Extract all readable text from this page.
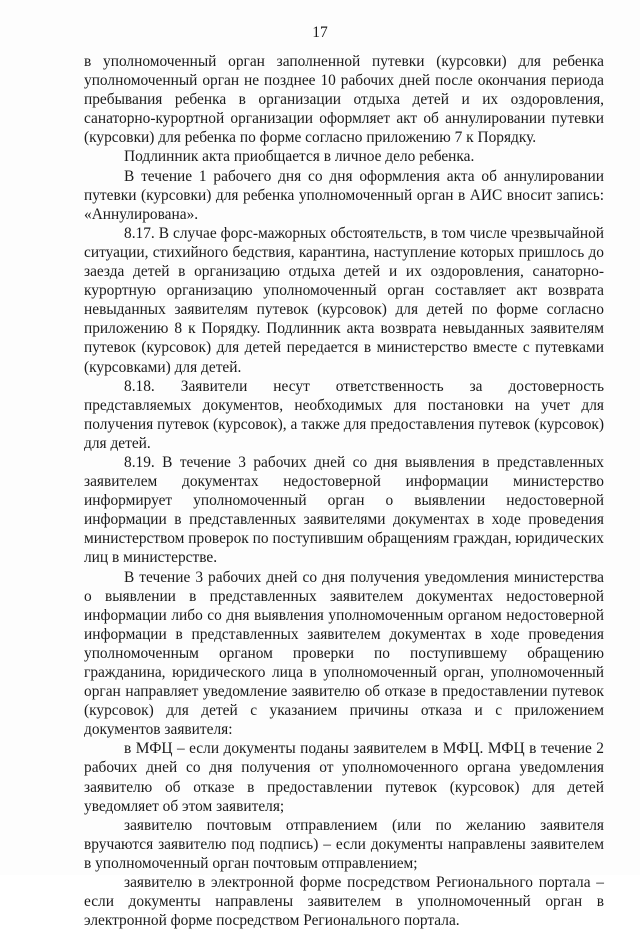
17

в уполномоченный орган заполненной путевки (курсовки) для ребенка уполномоченный орган не позднее 10 рабочих дней после окончания периода пребывания ребенка в организации отдыха детей и их оздоровления, санаторно-курортной организации оформляет акт об аннулировании путевки (курсовки) для ребенка по форме согласно приложению 7 к Порядку.

Подлинник акта приобщается в личное дело ребенка.

В течение 1 рабочего дня со дня оформления акта об аннулировании путевки (курсовки) для ребенка уполномоченный орган в АИС вносит запись: «Аннулирована».

8.17. В случае форс-мажорных обстоятельств, в том числе чрезвычайной ситуации, стихийного бедствия, карантина, наступление которых пришлось до заезда детей в организацию отдыха детей и их оздоровления, санаторно-курортную организацию уполномоченный орган составляет акт возврата невыданных заявителям путевок (курсовок) для детей по форме согласно приложению 8 к Порядку. Подлинник акта возврата невыданных заявителям путевок (курсовок) для детей передается в министерство вместе с путевками (курсовками) для детей.

8.18. Заявители несут ответственность за достоверность представляемых документов, необходимых для постановки на учет для получения путевок (курсовок), а также для предоставления путевок (курсовок) для детей.

8.19. В течение 3 рабочих дней со дня выявления в представленных заявителем документах недостоверной информации министерство информирует уполномоченный орган о выявлении недостоверной информации в представленных заявителями документах в ходе проведения министерством проверок по поступившим обращениям граждан, юридических лиц в министерстве.

В течение 3 рабочих дней со дня получения уведомления министерства о выявлении в представленных заявителем документах недостоверной информации либо со дня выявления уполномоченным органом недостоверной информации в представленных заявителем документах в ходе проведения уполномоченным органом проверки по поступившему обращению гражданина, юридического лица в уполномоченный орган, уполномоченный орган направляет уведомление заявителю об отказе в предоставлении путевок (курсовок) для детей с указанием причины отказа и с приложением документов заявителя:

в МФЦ – если документы поданы заявителем в МФЦ. МФЦ в течение 2 рабочих дней со дня получения от уполномоченного органа уведомления заявителю об отказе в предоставлении путевок (курсовок) для детей уведомляет об этом заявителя;

заявителю почтовым отправлением (или по желанию заявителя вручаются заявителю под подпись) – если документы направлены заявителем в уполномоченный орган почтовым отправлением;

заявителю в электронной форме посредством Регионального портала – если документы направлены заявителем в уполномоченный орган в электронной форме посредством Регионального портала.
